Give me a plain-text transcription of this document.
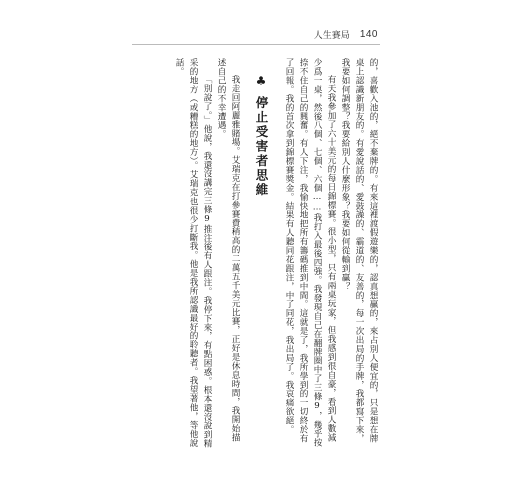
人生賽局 140

的，喜歡入池的，絕不棄牌的。有來這裡渡假遊樂的，認真想贏的，來占別人便宜的，只是想在牌桌上認識新朋友的。有愛說話的、愛鼓譟的、霸道的、友善的，每一次出局的手牌，我都寫下來，我要如何調整？我要給別人什麼形象？我要如何從輸到贏？

有天我參加了六十美元的每日錦標賽。很小型，只有兩桌玩家，但我感到很自豪，看到人數減少爲一桌，然後八個、七個、六個……我打入最後四強。我發現自己在翻牌圈中了三條9，幾乎按捺不住自己的興奮。有人下注，我愉快地把所有籌碼推到中間。這就是了，我所學到的一切終於有了回報。我的首次拿到錦標賽獎金。結果有人聽同花跟注，中了同花，我出局了。我哀痛欲絕。

♣
停止受害者思維

我走回阿麗雅賭場。艾瑞克在打參賽費稍高的二萬五千美元比賽，正好是休息時間，我開始描述自己的不幸遭遇。

「別說了。」他說，我還沒講完三條9推注後有人跟注。我停下來，有點困惑。根本還沒說到精采的地方（或糟糕的地方）。艾瑞克也很少打斷我。他是我所認識最好的聆聽者。我望著他，等他說話。
